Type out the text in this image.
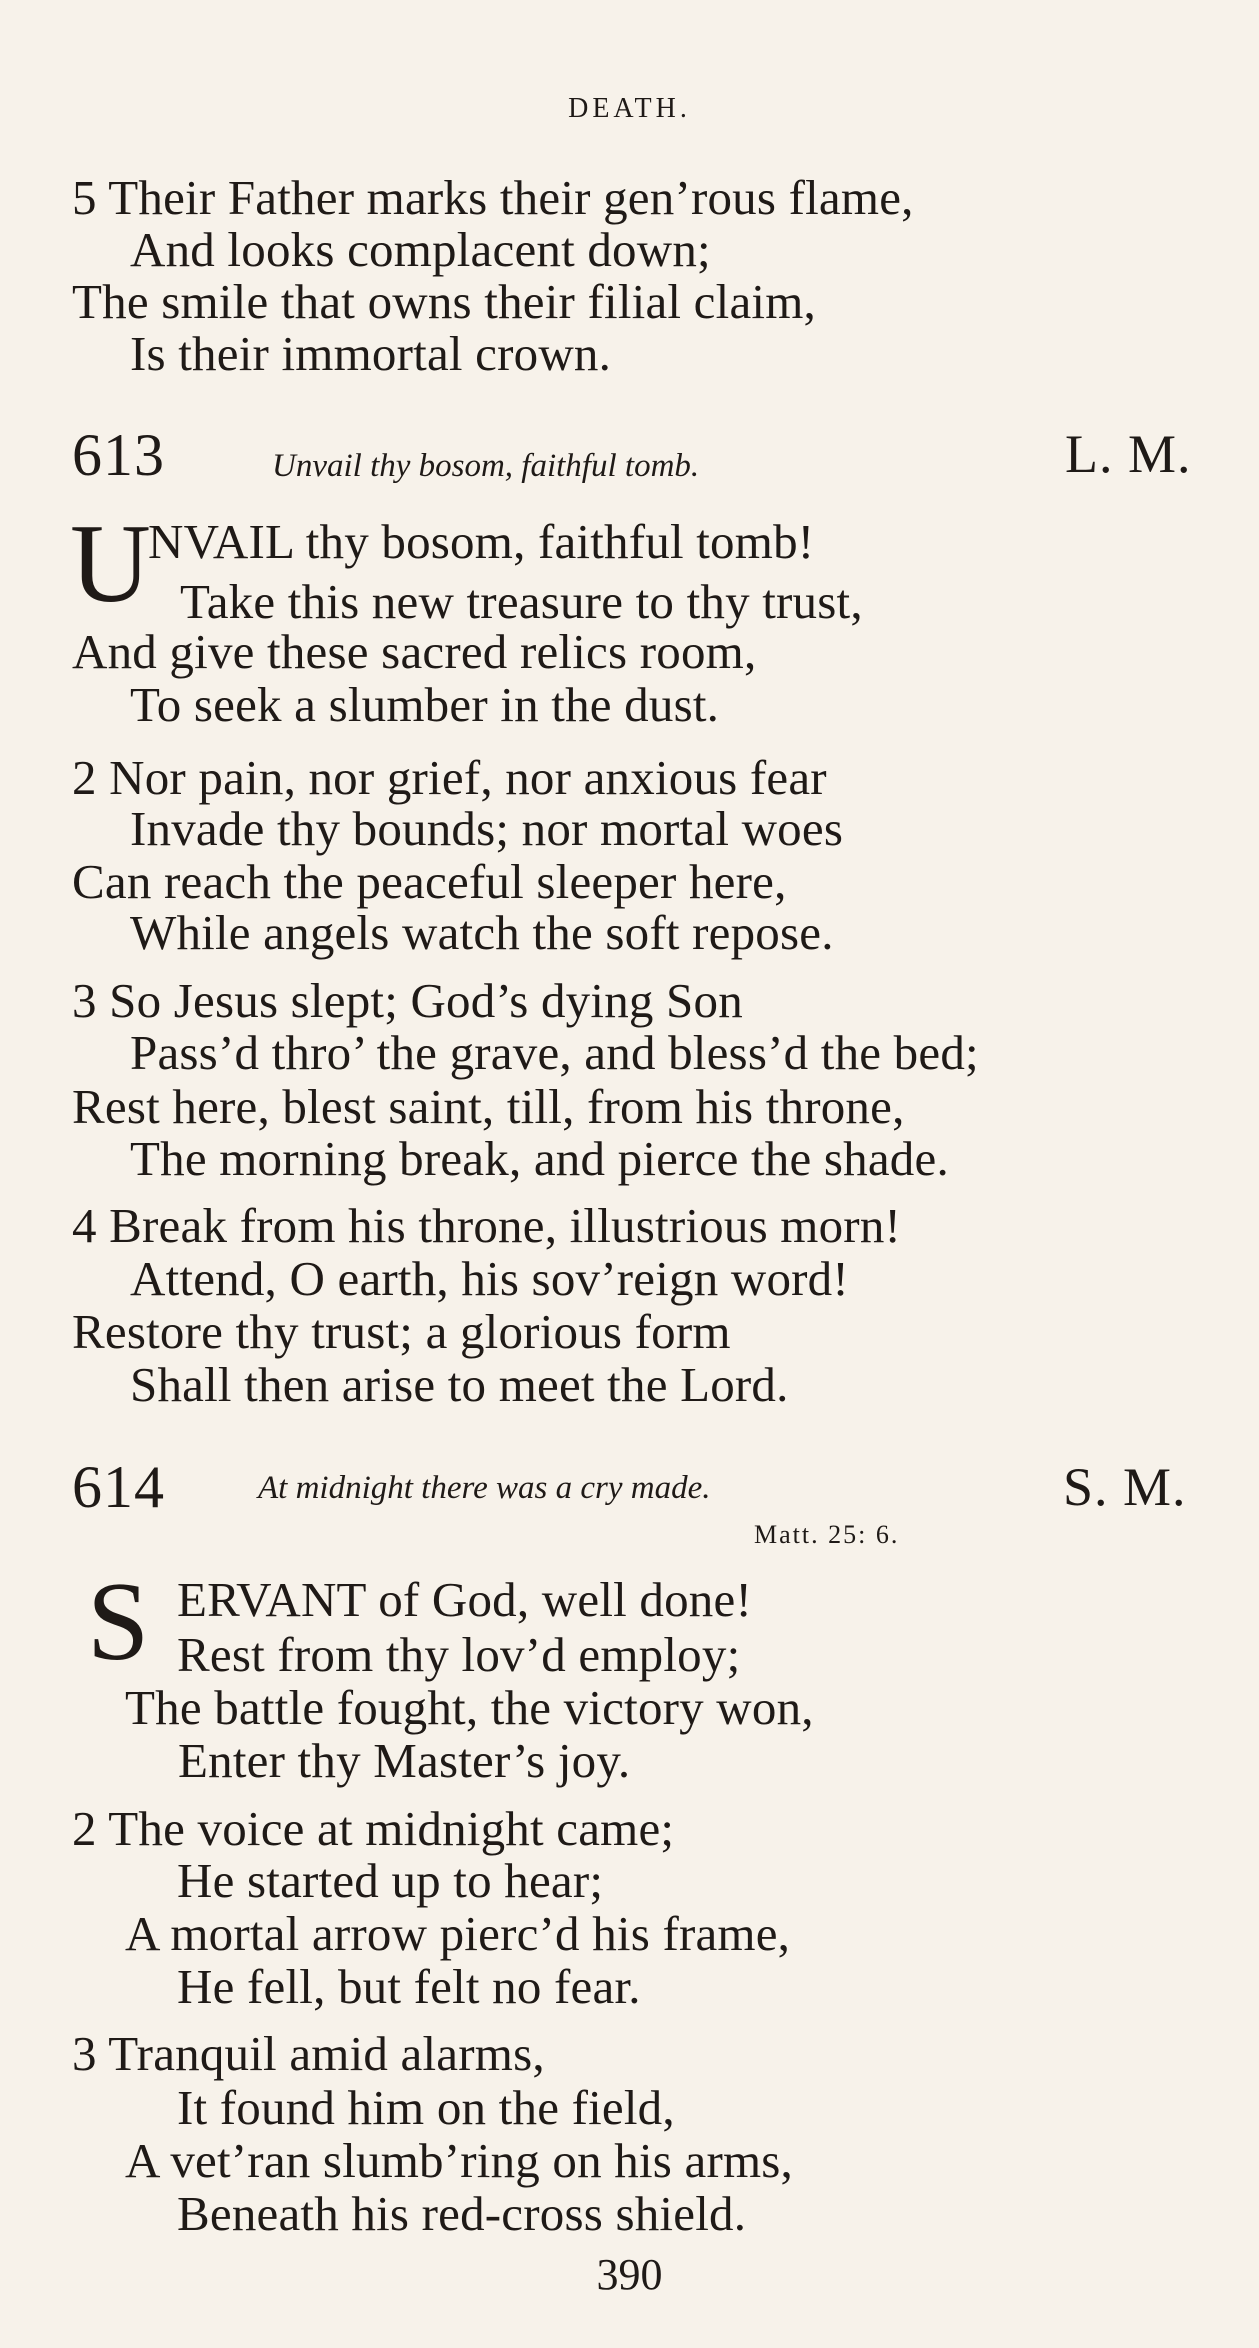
DEATH.
5 Their Father marks their gen’rous flame,
And looks complacent down;
The smile that owns their filial claim,
Is their immortal crown.
613	Unvail thy bosom, faithful tomb.	L. M.
U
NVAIL thy bosom, faithful tomb!
Take this new treasure to thy trust,
And give these sacred relics room,
To seek a slumber in the dust.
2 Nor pain, nor grief, nor anxious fear
Invade thy bounds; nor mortal woes
Can reach the peaceful sleeper here,
While angels watch the soft repose.
3 So Jesus slept; God’s dying Son
Pass’d thro’ the grave, and bless’d the bed;
Rest here, blest saint, till, from his throne,
The morning break, and pierce the shade.
4 Break from his throne, illustrious morn!
Attend, O earth, his sov’reign word!
Restore thy trust; a glorious form
Shall then arise to meet the Lord.
614	At midnight there was a cry made.	S. M.
Matt. 25: 6.
S ERVANT of God, well done!
Rest from thy lov’d employ;
The battle fought, the victory won,
Enter thy Master’s joy.
2 The voice at midnight came;
He started up to hear;
A mortal arrow pierc’d his frame,
He fell, but felt no fear.
3 Tranquil amid alarms,
It found him on the field,
A vet’ran slumb’ring on his arms,
Beneath his red-cross shield.
390
